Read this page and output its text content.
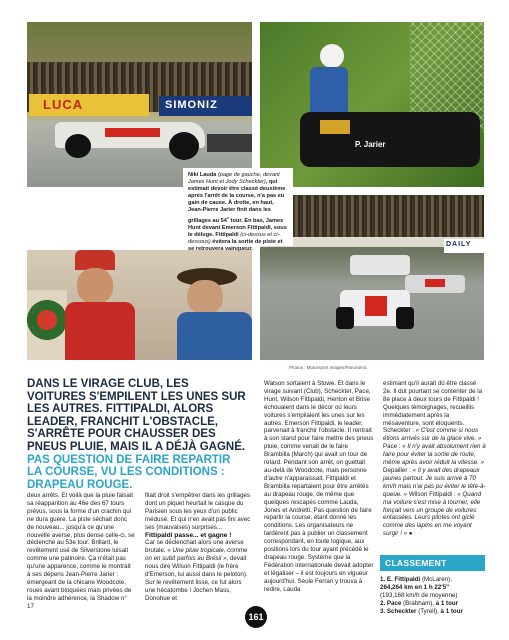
LUCA	SIMONIZ
P. Jarier
DAILY
Niki Lauda (page de gauche, devant James Hunt et Jody Scheckter), qui estimait devoir être classé deuxième après l'arrêt de la course, n'a pas eu gain de cause. À droite, en haut, Jean-Pierre Jarier finit dans les grillages au 54e tour. En bas, James Hunt devant Emerson Fittipaldi, sous le déluge. Fittipaldi (ci-dessus et ci-dessous) évitera la sortie de piste et se retrouvera vainqueur.
Photos : Motorsport Images/Panoramic
DANS LE VIRAGE CLUB, LES VOITURES S'EMPILENT LES UNES SUR LES AUTRES. FITTIPALDI, ALORS LEADER, FRANCHIT L'OBSTACLE, S'ARRÊTE POUR CHAUSSER DES PNEUS PLUIE, MAIS IL A DÉJÀ GAGNÉ. PAS QUESTION DE FAIRE REPARTIR LA COURSE, VU LES CONDITIONS : DRAPEAU ROUGE.
deux arrêts. Et voilà que la pluie faisait sa réapparition au 46e des 67 tours prévus, sous la forme d'un crachin qui ne dura guère. La piste séchait donc de nouveau... jusqu'à ce qu'une nouvelle averse, plus dense celle-ci, se déclenche au 53e tour. Brillant, le revêtement usé de Silverstone luisait comme une patinoire. Ça n'était pas qu'une apparence, comme le montrait à ses dépens Jean-Pierre Jarier : émergeant de la chicane Woodcote, roues avant bloquées mais privées de la moindre adhérence, la Shadow n° 17
filait droit s'empêtrer dans les grillages dont un piquet heurtait le casque du Parisien sous les yeux d'un public médusé. Et qui n'en avait pas fini avec ses (mauvaises) surprises...
Fittipaldi passe... et gagne !
Car se déclenchait alors une averse brutale. « Une pluie tropicale, comme on en subit parfois au Brésil », devait nous dire Wilson Fittipaldi (le frère d'Emerson, lui aussi dans le peloton). Sur le revêtement lisse, ce fut alors une hécatombe ! Jochen Mass, Donohue et
Watson sortaient à Stowe. Et dans le virage suivant (Club), Scheckter, Pace, Hunt, Wilson Fittipaldi, Henton et Brise échouaient dans le décor où leurs voitures s'empilaient les unes sur les autres. Emerson Fittipaldi, le leader, parvenait à franchir l'obstacle. Il rentrait à son stand pour faire mettre des pneus pluie, comme venait de le faire Brambilla (March) qui avait un tour de retard. Pendant son arrêt, on guettait au-delà de Woodcote, mais personne d'autre n'apparaissait. Fittipaldi et Brambilla repartaient pour être arrêtés au drapeau rouge, de même que quelques rescapés comme Lauda, Jones et Andretti. Pas question de faire repartir la course, étant donné les conditions. Les organisateurs ne tardèrent pas à publier un classement correspondant, en toute logique, aux positions lors du tour ayant précédé le drapeau rouge. Système que la Fédération internationale devait adopter et légaliser – il est toujours en vigueur aujourd'hui. Seule Ferrari y trouva à redire, Lauda
estimant qu'il aurait dû être classé 2e. Il dut pourtant se contenter de la 8e place à deux tours de Fittipaldi ! Quelques témoignages, recueillis immédiatement après la mésaventure, sont éloquents. Scheckter : « C'est comme si nous étions arrivés sur de la glace vive. » Pace : « Il n'y avait absolument rien à faire pour éviter la sortie de route, même après avoir réduit la vitesse. » Depailler : « Il y avait des drapeaux jaunes partout. Je suis arrivé à 70 km/h mais n'ai pas pu éviter le tête-à-queue. » Wilson Fittipaldi : « Quand ma voiture s'est mise à tourner, elle fonçait vers un groupe de voitures entassées. Leurs pilotes ont giclé comme des lapins en me voyant surgir ! » ●
CLASSEMENT
1. E. Fittipaldi (McLaren),
264,264 km en 1 h 22'5"
(193,168 km/h de moyenne)
2. Pace (Brabham), à 1 tour
3. Scheckter (Tyrell), à 1 tour
161
